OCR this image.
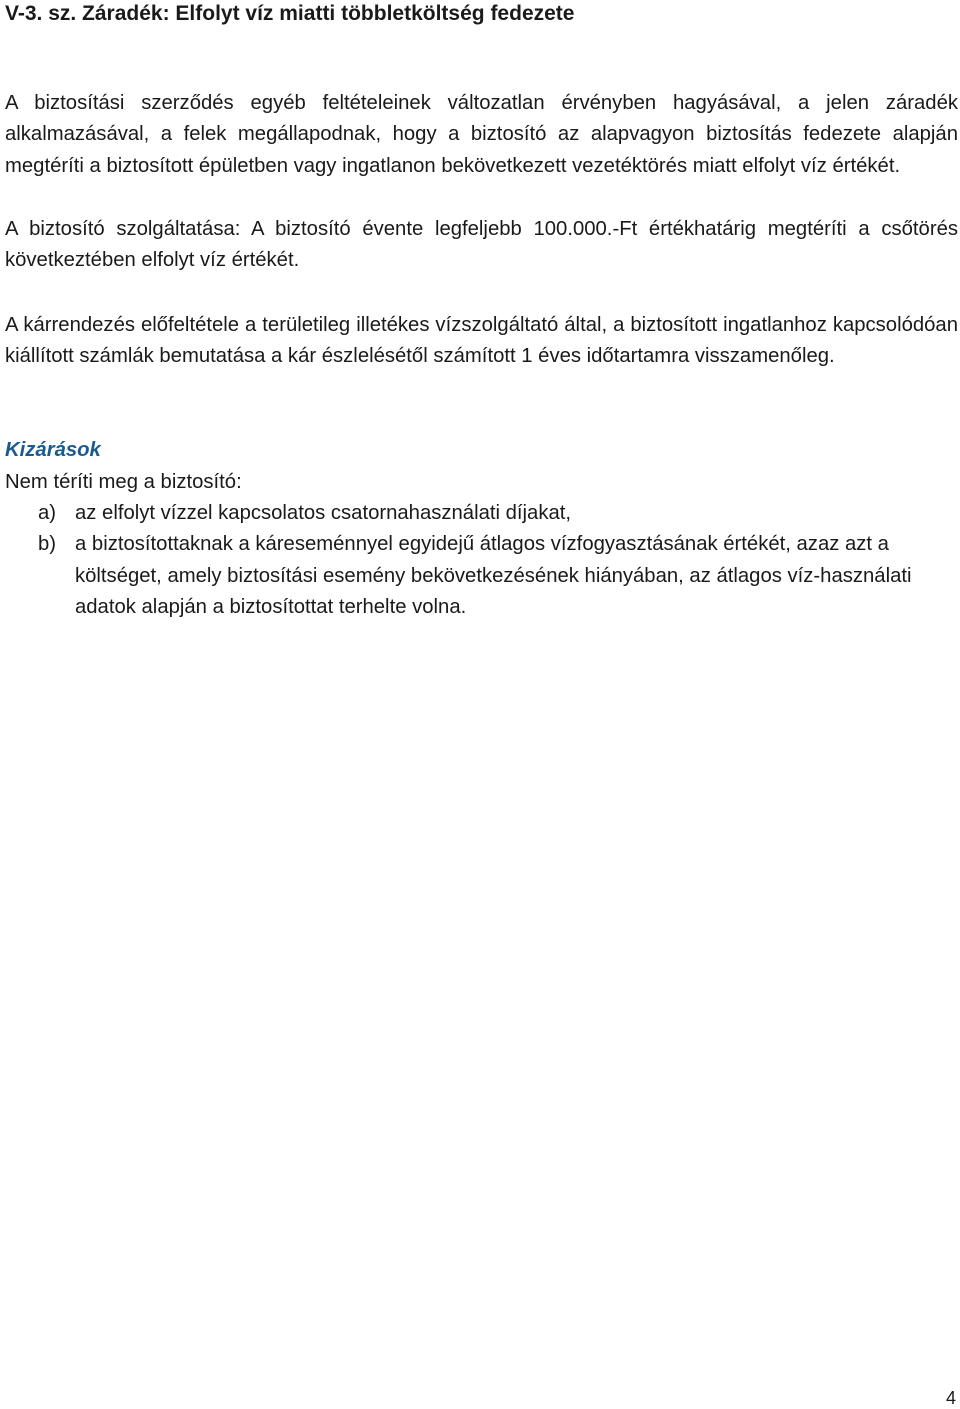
V-3. sz. Záradék: Elfolyt víz miatti többletköltség fedezete

A biztosítási szerződés egyéb feltételeinek változatlan érvényben hagyásával, a jelen záradék alkalmazásával, a felek megállapodnak, hogy a biztosító az alapvagyon biztosítás fedezete alapján megtéríti a biztosított épületben vagy ingatlanon bekövetkezett vezetéktörés miatt elfolyt víz értékét.

A biztosító szolgáltatása: A biztosító évente legfeljebb 100.000.-Ft értékhatárig megtéríti a csőtörés következtében elfolyt víz értékét.

A kárrendezés előfeltétele a területileg illetékes vízszolgáltató által, a biztosított ingatlanhoz kapcsolódóan kiállított számlák bemutatása a kár észlelésétől számított 1 éves időtartamra visszamenőleg.

Kizárások

Nem téríti meg a biztosító:

a) az elfolyt vízzel kapcsolatos csatornahasználati díjakat,
b) a biztosítottaknak a káreseménnyel egyidejű átlagos vízfogyasztásának értékét, azaz azt a költséget, amely biztosítási esemény bekövetkezésének hiányában, az átlagos víz-használati adatok alapján a biztosítottat terhelte volna.
4
